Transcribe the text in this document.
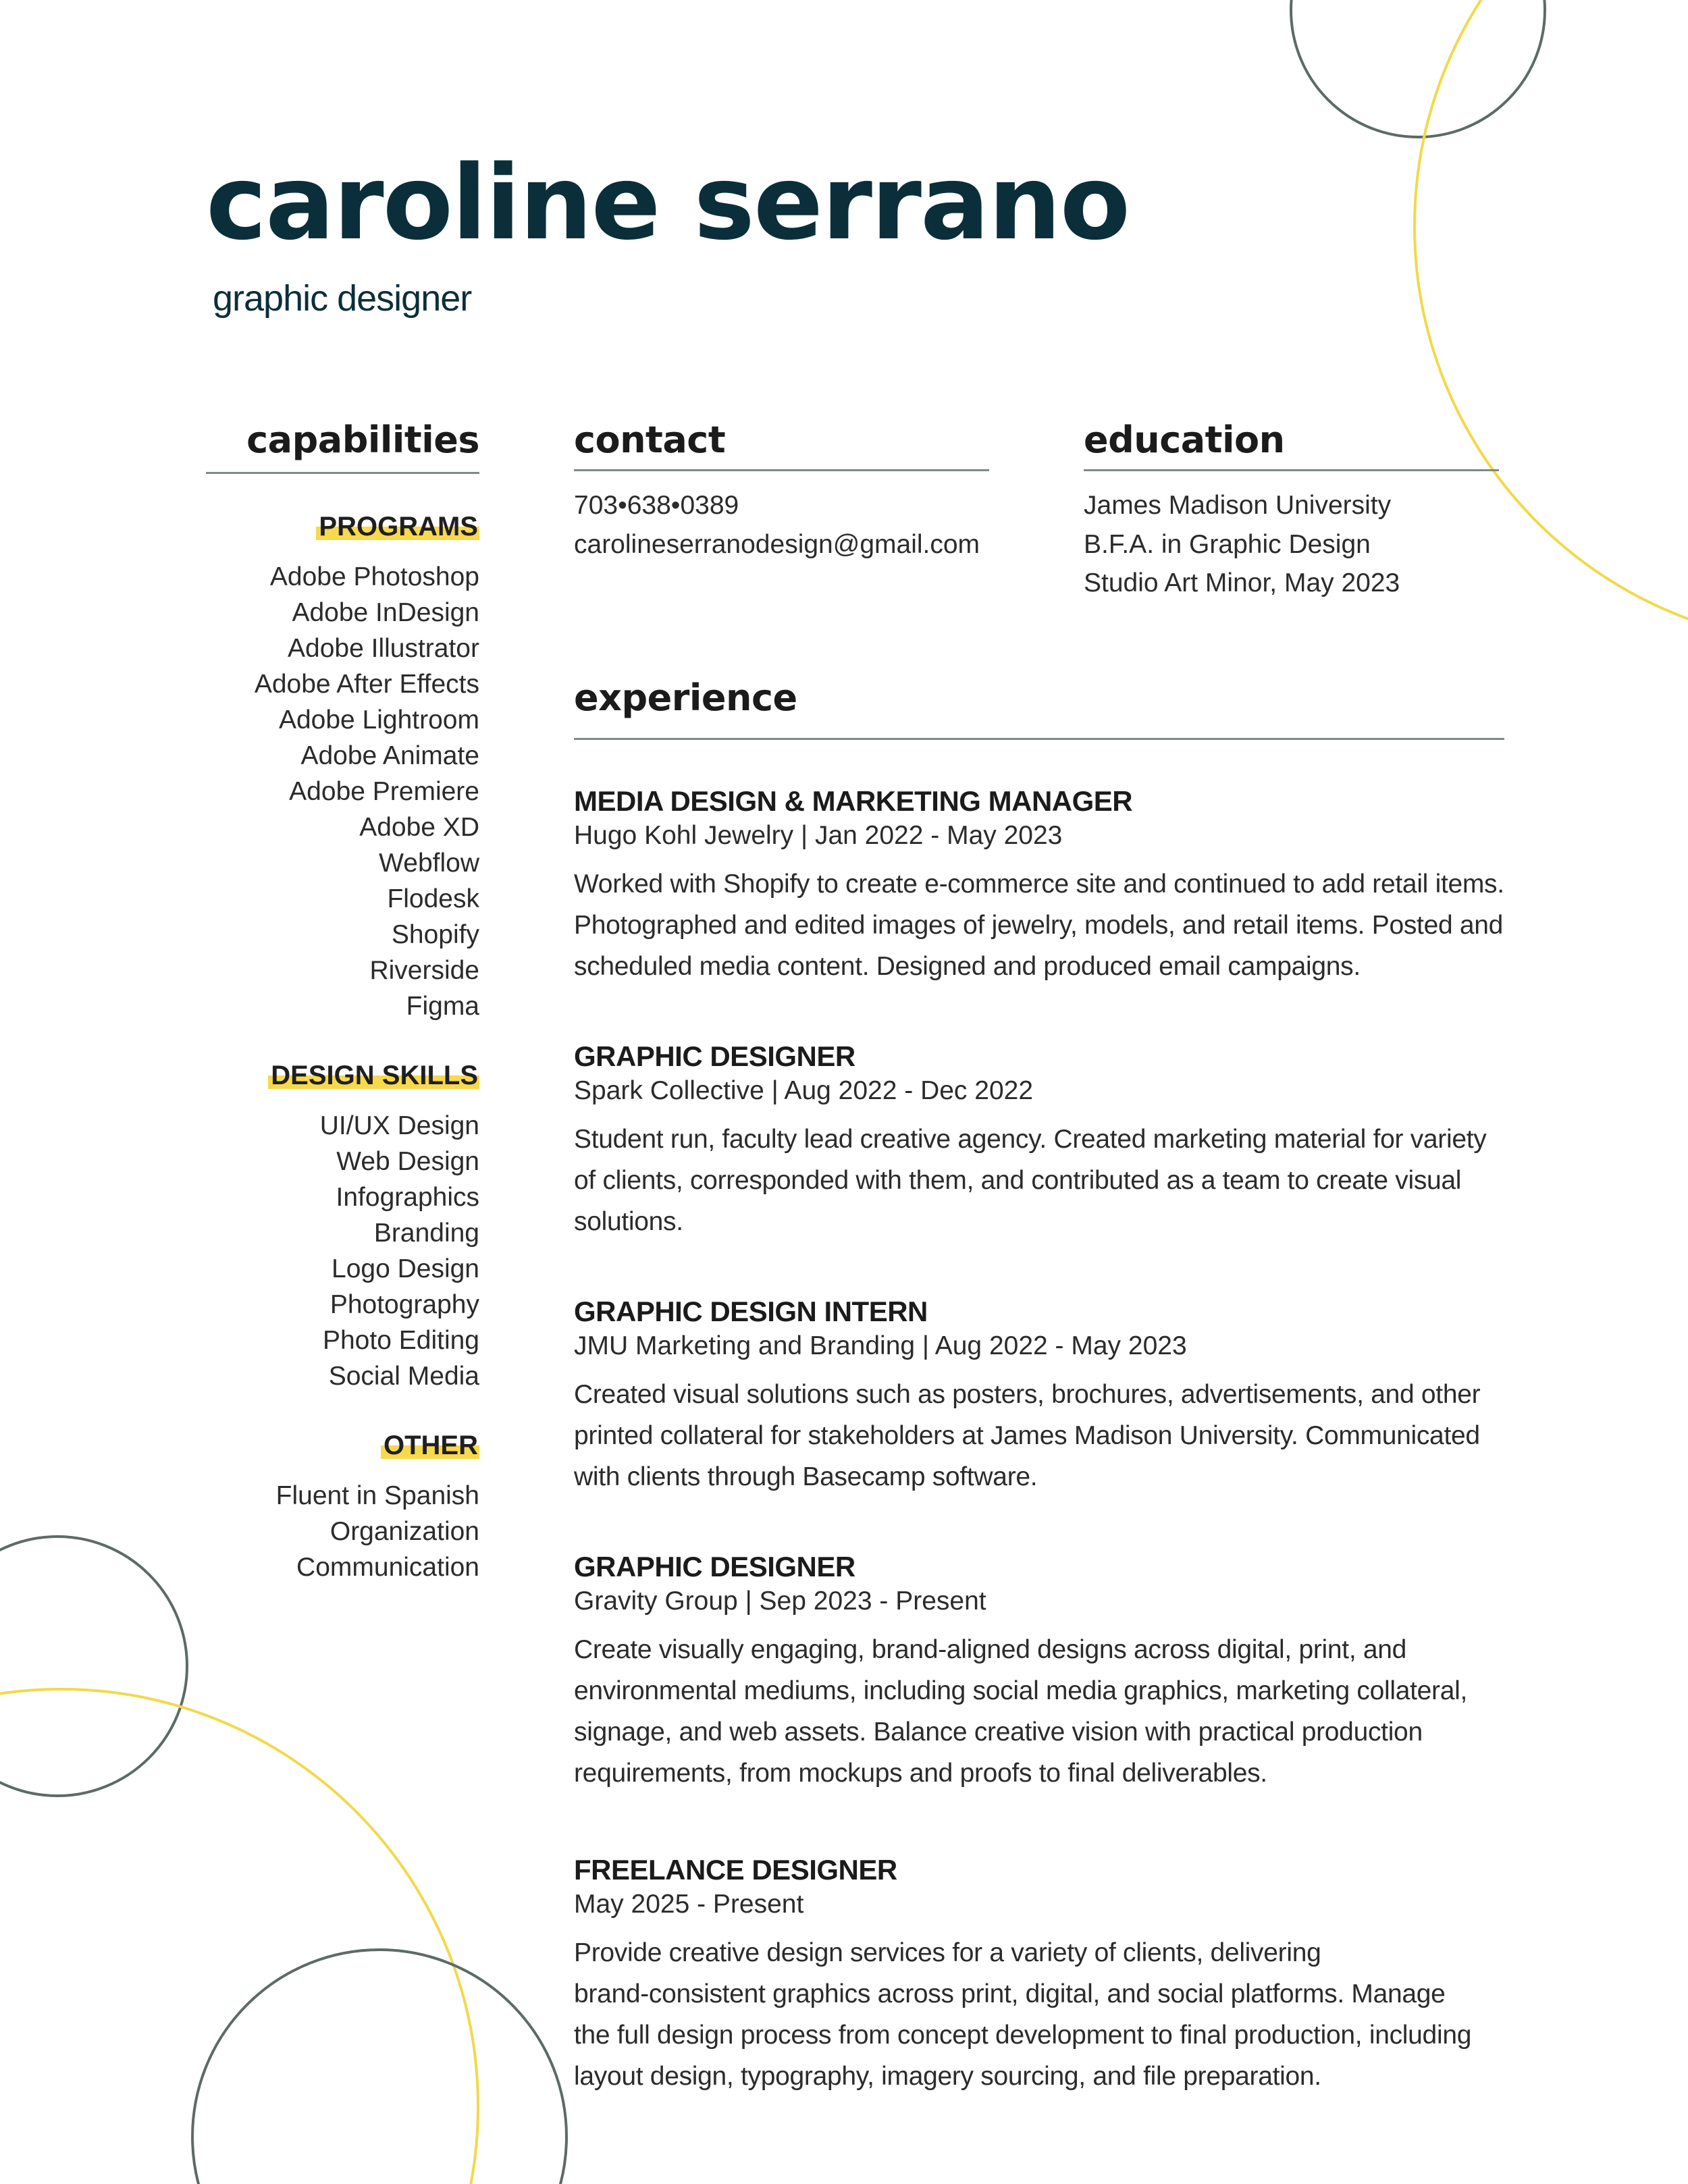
caroline serrano
graphic designer
capabilities
PROGRAMS
Adobe Photoshop
Adobe InDesign
Adobe Illustrator
Adobe After Effects
Adobe Lightroom
Adobe Animate
Adobe Premiere
Adobe XD
Webflow
Flodesk
Shopify
Riverside
Figma
DESIGN SKILLS
UI/UX Design
Web Design
Infographics
Branding
Logo Design
Photography
Photo Editing
Social Media
OTHER
Fluent in Spanish
Organization
Communication
contact
703•638•0389
carolineserranodesign@gmail.com
education
James Madison University
B.F.A. in Graphic Design
Studio Art Minor, May 2023
experience
MEDIA DESIGN & MARKETING MANAGER
Hugo Kohl Jewelry | Jan 2022 - May 2023
Worked with Shopify to create e-commerce site and continued to add retail items.
Photographed and edited images of jewelry, models, and retail items. Posted and
scheduled media content. Designed and produced email campaigns.
GRAPHIC DESIGNER
Spark Collective | Aug 2022 - Dec 2022
Student run, faculty lead creative agency. Created marketing material for variety
of clients, corresponded with them, and contributed as a team to create visual
solutions.
GRAPHIC DESIGN INTERN
JMU Marketing and Branding | Aug 2022 - May 2023
Created visual solutions such as posters, brochures, advertisements, and other
printed collateral for stakeholders at James Madison University. Communicated
with clients through Basecamp software.
GRAPHIC DESIGNER
Gravity Group | Sep 2023 - Present
Create visually engaging, brand-aligned designs across digital, print, and
environmental mediums, including social media graphics, marketing collateral,
signage, and web assets. Balance creative vision with practical production
requirements, from mockups and proofs to final deliverables.
FREELANCE DESIGNER
May 2025 - Present
Provide creative design services for a variety of clients, delivering
brand-consistent graphics across print, digital, and social platforms. Manage
the full design process from concept development to final production, including
layout design, typography, imagery sourcing, and file preparation.
